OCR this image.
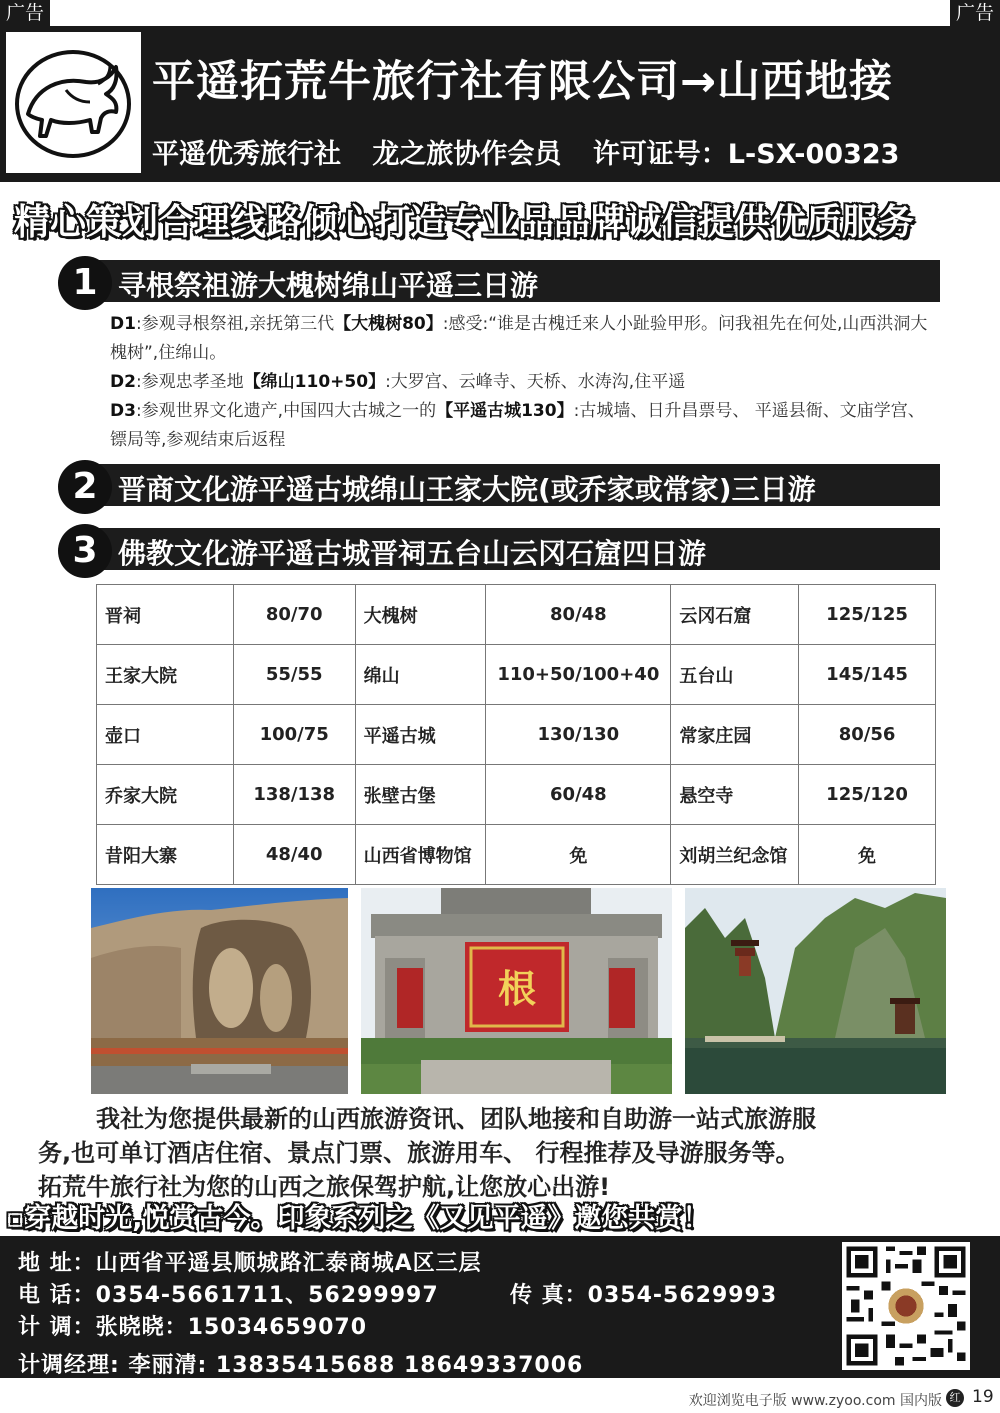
广告	广告
平遥拓荒牛旅行社有限公司→山西地接
平遥优秀旅行社 龙之旅协作会员 许可证号：L-SX-00323
精心策划合理线路倾心打造专业品品牌诚信提供优质服务
1 寻根祭祖游大槐树绵山平遥三日游

D1:参观寻根祭祖,亲抚第三代【大槐树80】:感受:“谁是古槐迁来人小趾验甲形。问我祖先在何处,山西洪洞大槐树”,住绵山。

D2:参观忠孝圣地【绵山110+50】:大罗宫、云峰寺、天桥、水涛沟,住平遥

D3:参观世界文化遗产,中国四大古城之一的【平遥古城130】:古城墙、日升昌票号、 平遥县衙、文庙学宫、镖局等,参观结束后返程

2 晋商文化游平遥古城绵山王家大院(或乔家或常家)三日游
3 佛教文化游平遥古城晋祠五台山云冈石窟四日游
晋祠	80/70	大槐树	80/48	云冈石窟	125/125
王家大院	55/55	绵山	110+50/100+40	五台山	145/145
壶口	100/75	平遥古城	130/130	常家庄园	80/56
乔家大院	138/138	张壁古堡	60/48	悬空寺	125/120
昔阳大寨	48/40	山西省博物馆	免	刘胡兰纪念馆	免
根

我社为您提供最新的山西旅游资讯、团队地接和自助游一站式旅游服

务,也可单订酒店住宿、景点门票、旅游用车、 行程推荐及导游服务等。

拓荒牛旅行社为您的山西之旅保驾护航,让您放心出游!

▫穿越时光,悦赏古今。印象系列之《又见平遥》邀您共赏！
地 址：山西省平遥县顺城路汇泰商城A区三层
电 话：0354-5661711、56299997	传 真：0354-5629993
计 调：张晓晓：15034659070
计调经理: 李丽清: 13835415688 18649337006
欢迎浏览电子版 www.zyoo.com 国内版 红 19
